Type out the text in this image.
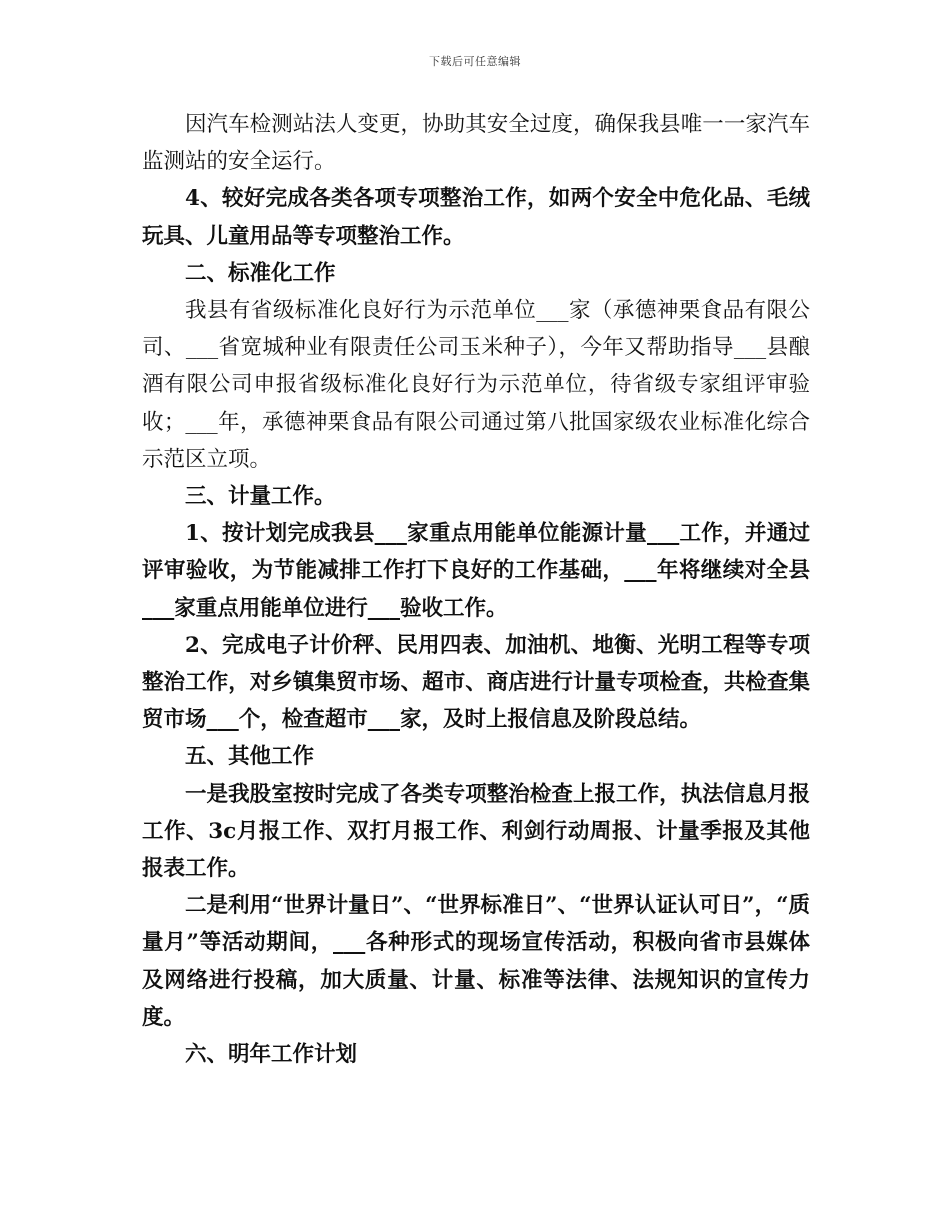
下载后可任意编辑

因汽车检测站法人变更，协助其安全过度，确保我县唯一一家汽车监测站的安全运行。

4、较好完成各类各项专项整治工作，如两个安全中危化品、毛绒玩具、儿童用品等专项整治工作。

二、标准化工作

我县有省级标准化良好行为示范单位___家（承德神栗食品有限公司、___省宽城种业有限责任公司玉米种子），今年又帮助指导___县酿酒有限公司申报省级标准化良好行为示范单位，待省级专家组评审验收；___年，承德神栗食品有限公司通过第八批国家级农业标准化综合示范区立项。

三、计量工作。

1、按计划完成我县___家重点用能单位能源计量___工作，并通过评审验收，为节能减排工作打下良好的工作基础，___年将继续对全县___家重点用能单位进行___验收工作。

2、完成电子计价秤、民用四表、加油机、地衡、光明工程等专项整治工作，对乡镇集贸市场、超市、商店进行计量专项检查，共检查集贸市场___个，检查超市___家，及时上报信息及阶段总结。

五、其他工作

一是我股室按时完成了各类专项整治检查上报工作，执法信息月报工作、3c月报工作、双打月报工作、利剑行动周报、计量季报及其他报表工作。

二是利用“世界计量日”、“世界标准日”、“世界认证认可日”，“质量月”等活动期间，___各种形式的现场宣传活动，积极向省市县媒体及网络进行投稿，加大质量、计量、标准等法律、法规知识的宣传力度。

六、明年工作计划
